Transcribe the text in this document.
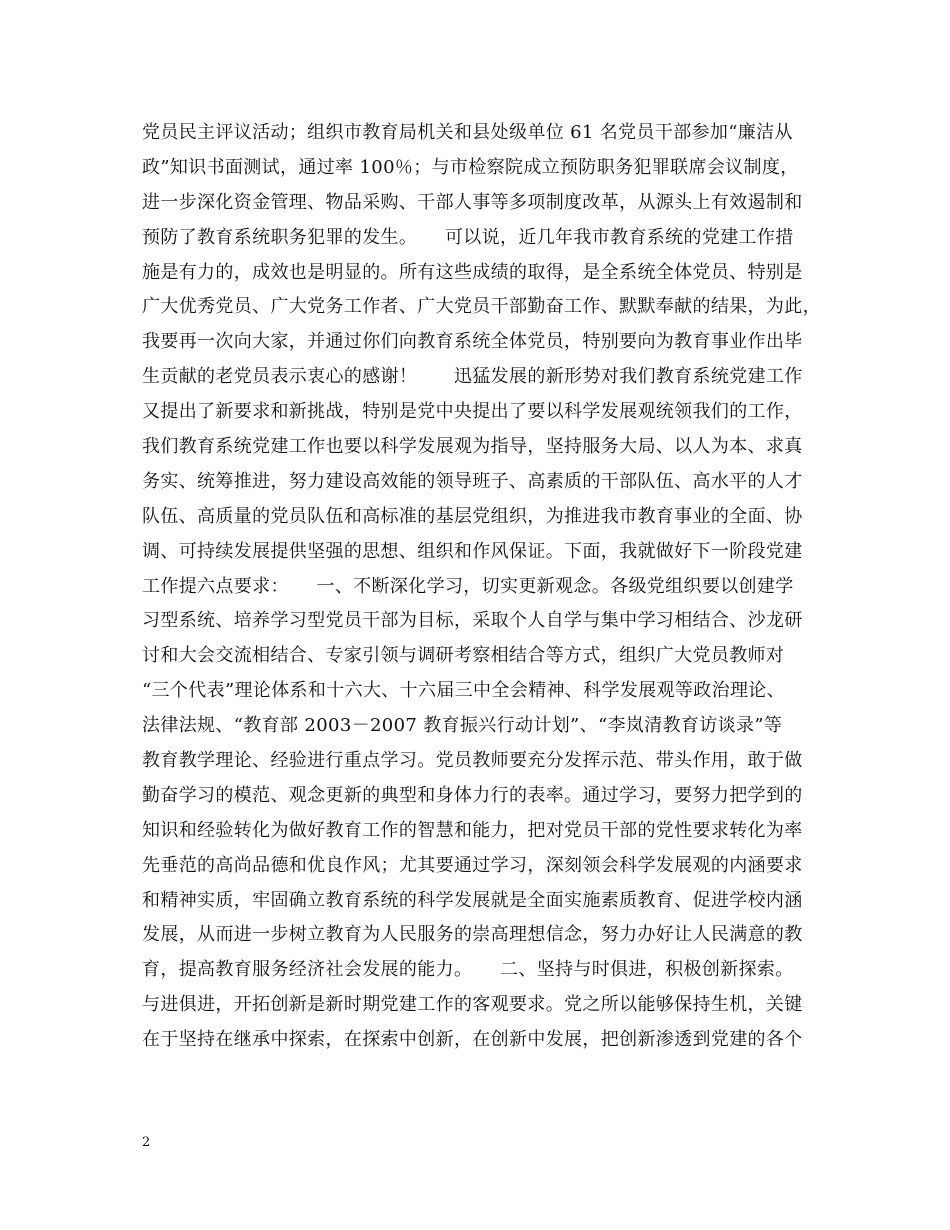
党员民主评议活动；组织市教育局机关和县处级单位 61 名党员干部参加“廉洁从
政”知识书面测试，通过率 100％；与市检察院成立预防职务犯罪联席会议制度，
进一步深化资金管理、物品采购、干部人事等多项制度改革，从源头上有效遏制和
预防了教育系统职务犯罪的发生。　　可以说，近几年我市教育系统的党建工作措
施是有力的，成效也是明显的。所有这些成绩的取得，是全系统全体党员、特别是
广大优秀党员、广大党务工作者、广大党员干部勤奋工作、默默奉献的结果，为此，
我要再一次向大家，并通过你们向教育系统全体党员，特别要向为教育事业作出毕
生贡献的老党员表示衷心的感谢！　　迅猛发展的新形势对我们教育系统党建工作
又提出了新要求和新挑战，特别是党中央提出了要以科学发展观统领我们的工作，
我们教育系统党建工作也要以科学发展观为指导，坚持服务大局、以人为本、求真
务实、统筹推进，努力建设高效能的领导班子、高素质的干部队伍、高水平的人才
队伍、高质量的党员队伍和高标准的基层党组织，为推进我市教育事业的全面、协
调、可持续发展提供坚强的思想、组织和作风保证。下面，我就做好下一阶段党建
工作提六点要求：　　一、不断深化学习，切实更新观念。各级党组织要以创建学
习型系统、培养学习型党员干部为目标，采取个人自学与集中学习相结合、沙龙研
讨和大会交流相结合、专家引领与调研考察相结合等方式，组织广大党员教师对
“三个代表”理论体系和十六大、十六届三中全会精神、科学发展观等政治理论、
法律法规、“教育部 2003－2007 教育振兴行动计划”、“李岚清教育访谈录”等
教育教学理论、经验进行重点学习。党员教师要充分发挥示范、带头作用，敢于做
勤奋学习的模范、观念更新的典型和身体力行的表率。通过学习，要努力把学到的
知识和经验转化为做好教育工作的智慧和能力，把对党员干部的党性要求转化为率
先垂范的高尚品德和优良作风；尤其要通过学习，深刻领会科学发展观的内涵要求
和精神实质，牢固确立教育系统的科学发展就是全面实施素质教育、促进学校内涵
发展，从而进一步树立教育为人民服务的崇高理想信念，努力办好让人民满意的教
育，提高教育服务经济社会发展的能力。　　二、坚持与时俱进，积极创新探索。
与进俱进，开拓创新是新时期党建工作的客观要求。党之所以能够保持生机，关键
在于坚持在继承中探索，在探索中创新，在创新中发展，把创新渗透到党建的各个
2
